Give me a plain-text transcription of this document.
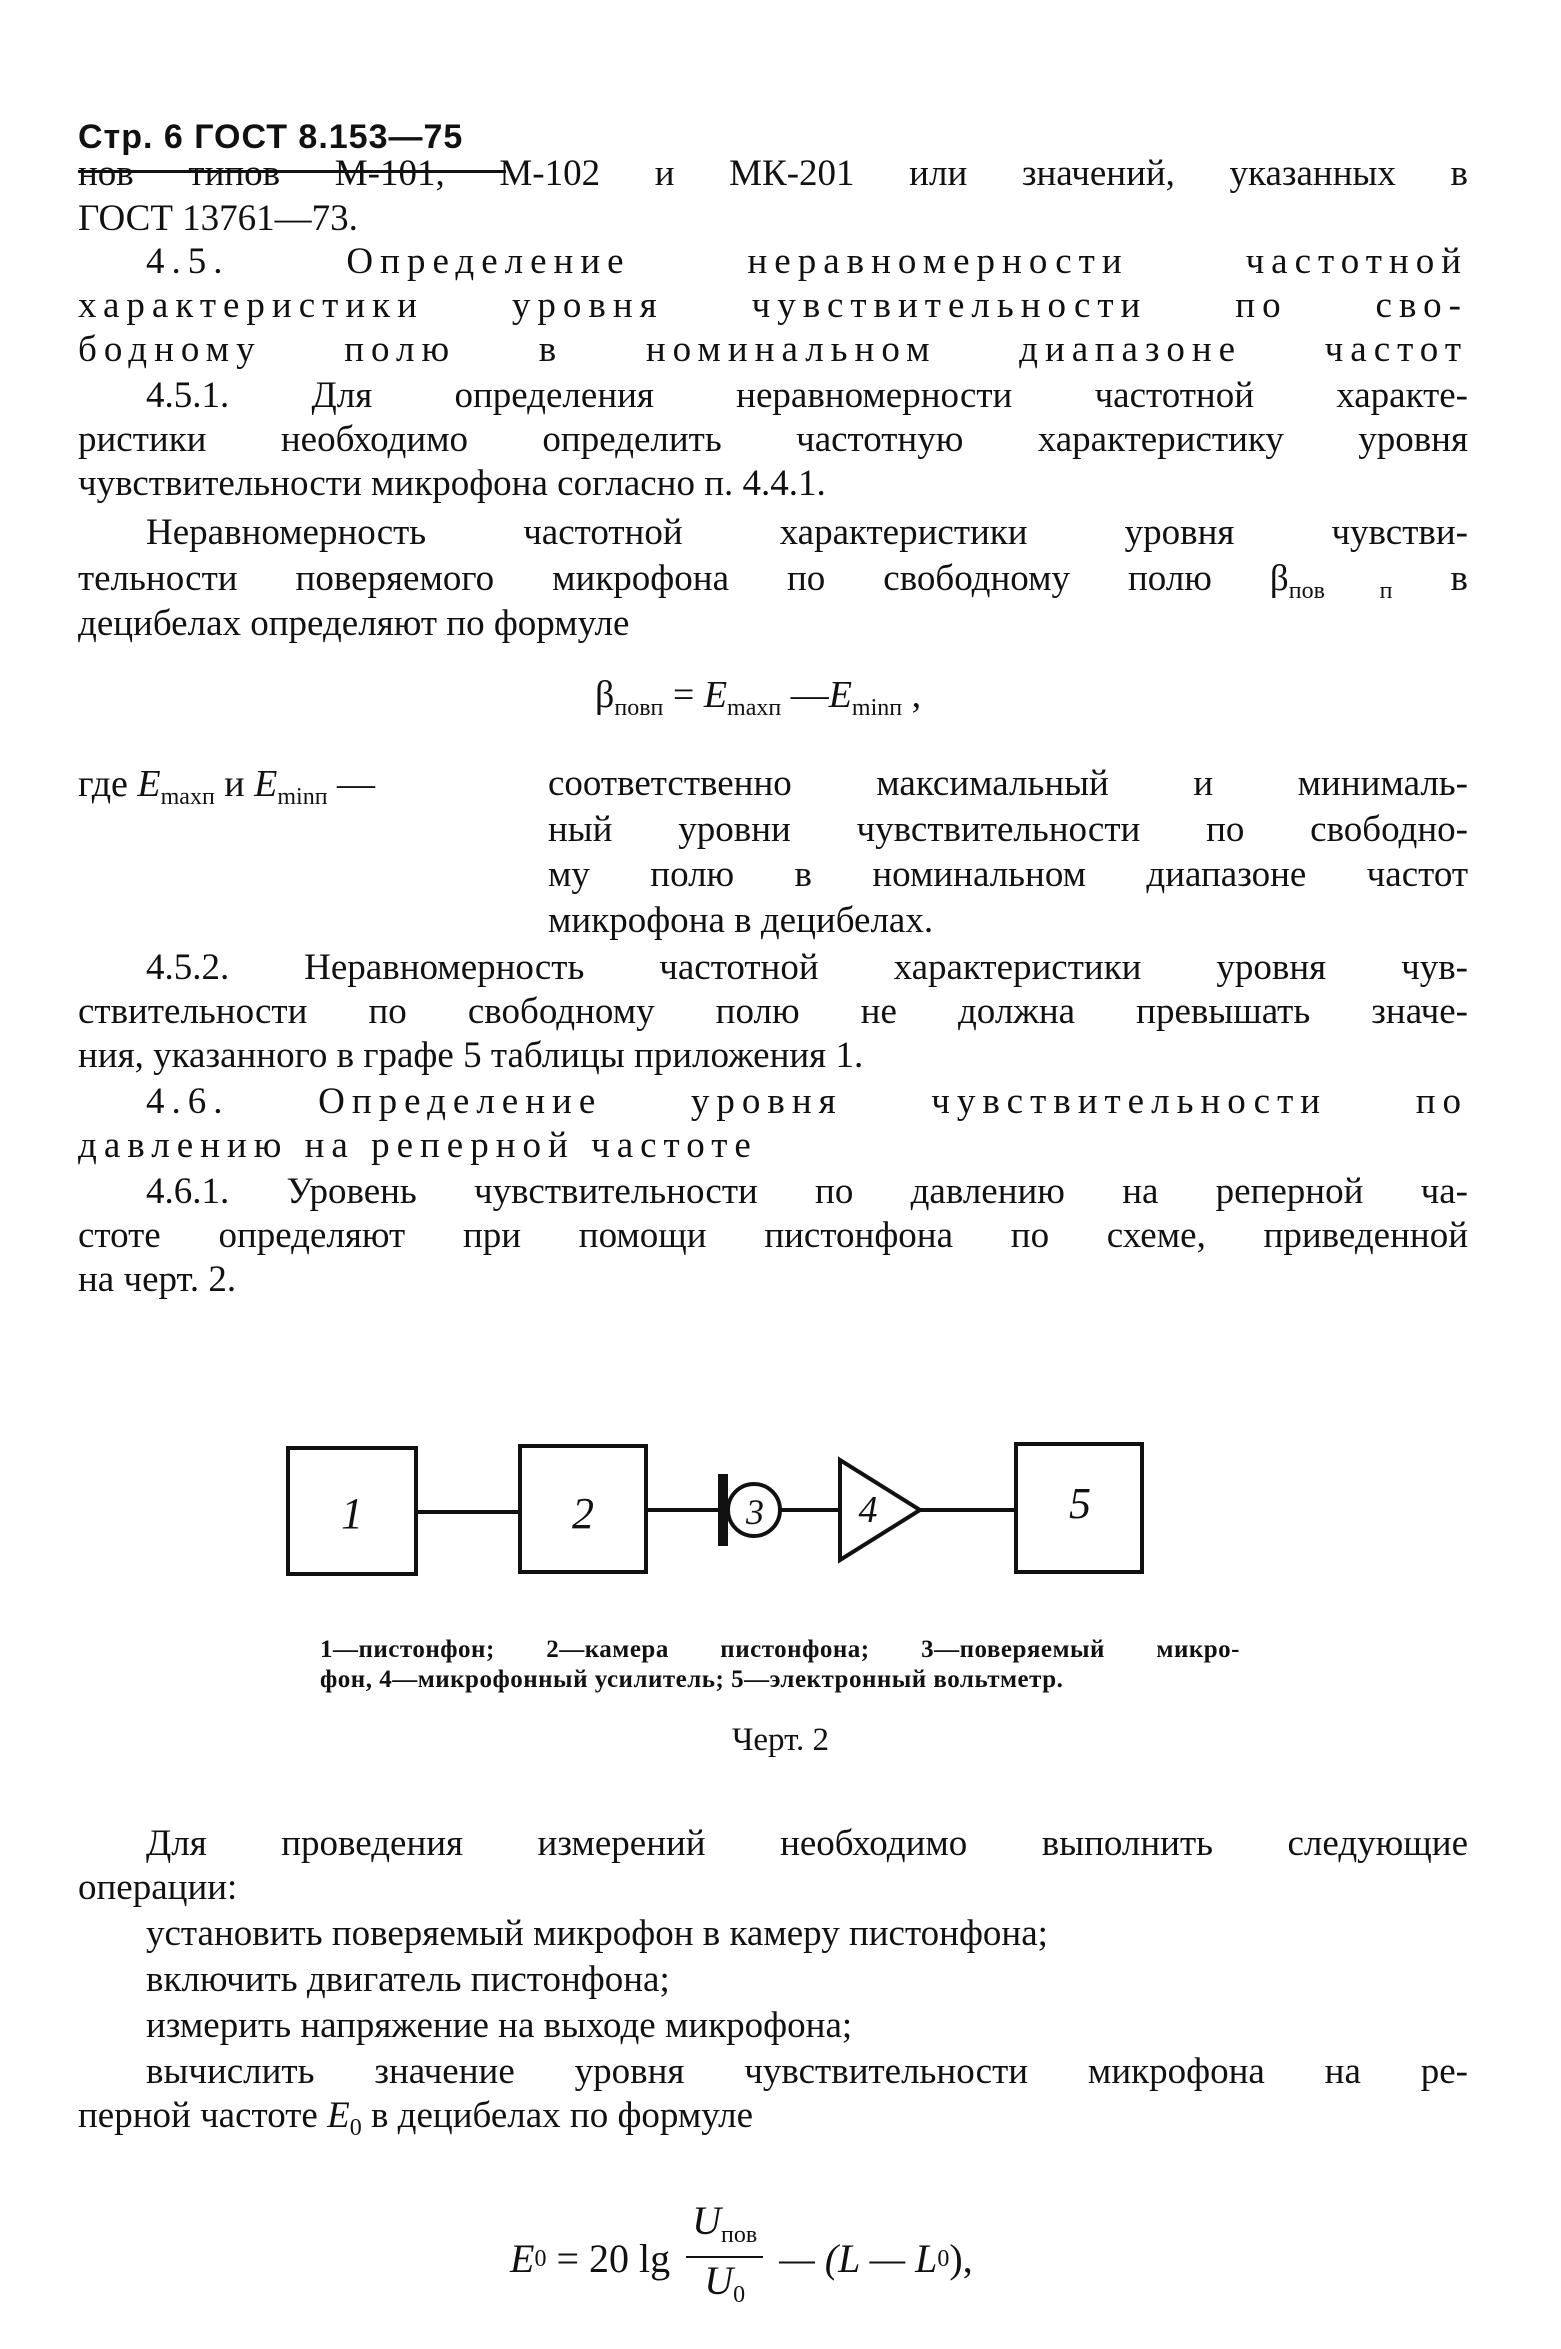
Стр. 6 ГОСТ 8.153—75
нов типов М-101, М-102 и МК-201 или значений, указанных в
ГОСТ 13761—73.
4.5. Определение неравномерности частотной
характеристики уровня чувствительности по сво-
бодному полю в номинальном диапазоне частот
4.5.1. Для определения неравномерности частотной характе-
ристики необходимо определить частотную характеристику уровня
чувствительности микрофона согласно п. 4.4.1.
Неравномерность частотной характеристики уровня чувстви-
тельности поверяемого микрофона по свободному полю $\beta_{пов п}$ в
децибелах определяют по формуле
$\beta_{повп} = E_{maxп}$ $—E_{minп}$ ,
где $E_{maxп}$ и $E_{minп}$ —	соответственно максимальный и минималь-
ный уровни чувствительности по свободно-
му полю в номинальном диапазоне частот
микрофона в децибелах.
4.5.2. Неравномерность частотной характеристики уровня чув-
ствительности по свободному полю не должна превышать значе-
ния, указанного в графе 5 таблицы приложения 1.
4.6. Определение уровня чувствительности по
давлению на реперной частоте
4.6.1. Уровень чувствительности по давлению на реперной ча-
стоте определяют при помощи пистонфона по схеме, приведенной
на черт. 2.
1	2	3 4	5
1—пистонфон; 2—камера пистонфона; 3—поверяемый микро-
фон, 4—микрофонный усилитель; 5—электронный вольтметр.
Черт. 2
Для проведения измерений необходимо выполнить следующие
операции:
установить поверяемый микрофон в камеру пистонфона;
включить двигатель пистонфона;
измерить напряжение на выходе микрофона;
вычислить значение уровня чувствительности микрофона на ре-
перной частоте $E_0$ в децибелах по формуле
E 0 = 20 lg
$U_{пов}$
$U_0$
— (L — L 0 ),
